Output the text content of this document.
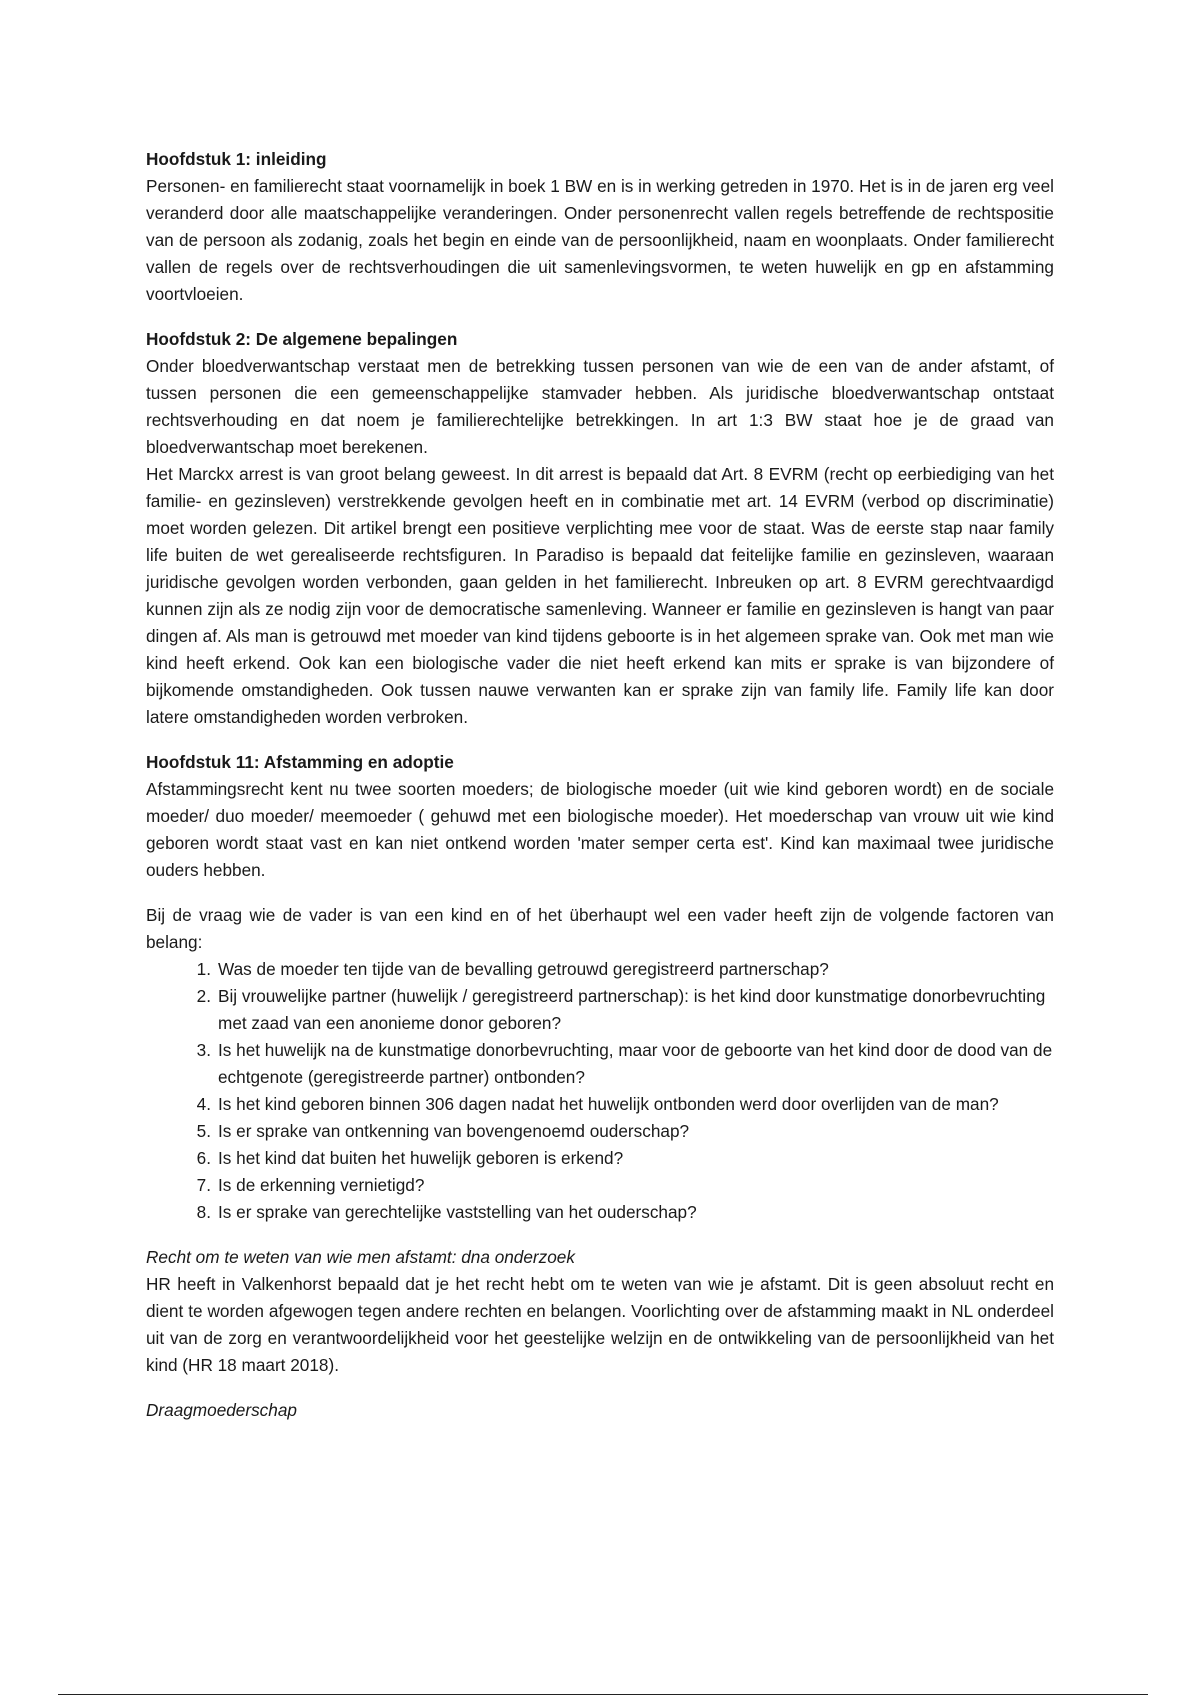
Hoofdstuk 1: inleiding

Personen- en familierecht staat voornamelijk in boek 1 BW en is in werking getreden in 1970. Het is in de jaren erg veel veranderd door alle maatschappelijke veranderingen. Onder personenrecht vallen regels betreffende de rechtspositie van de persoon als zodanig, zoals het begin en einde van de persoonlijkheid, naam en woonplaats. Onder familierecht vallen de regels over de rechtsverhoudingen die uit samenlevingsvormen, te weten huwelijk en gp en afstamming voortvloeien.

Hoofdstuk 2: De algemene bepalingen

Onder bloedverwantschap verstaat men de betrekking tussen personen van wie de een van de ander afstamt, of tussen personen die een gemeenschappelijke stamvader hebben. Als juridische bloedverwantschap ontstaat rechtsverhouding en dat noem je familierechtelijke betrekkingen. In art 1:3 BW staat hoe je de graad van bloedverwantschap moet berekenen.

Het Marckx arrest is van groot belang geweest. In dit arrest is bepaald dat Art. 8 EVRM (recht op eerbiediging van het familie- en gezinsleven) verstrekkende gevolgen heeft en in combinatie met art. 14 EVRM (verbod op discriminatie) moet worden gelezen. Dit artikel brengt een positieve verplichting mee voor de staat. Was de eerste stap naar family life buiten de wet gerealiseerde rechtsfiguren. In Paradiso is bepaald dat feitelijke familie en gezinsleven, waaraan juridische gevolgen worden verbonden, gaan gelden in het familierecht. Inbreuken op art. 8 EVRM gerechtvaardigd kunnen zijn als ze nodig zijn voor de democratische samenleving. Wanneer er familie en gezinsleven is hangt van paar dingen af. Als man is getrouwd met moeder van kind tijdens geboorte is in het algemeen sprake van. Ook met man wie kind heeft erkend. Ook kan een biologische vader die niet heeft erkend kan mits er sprake is van bijzondere of bijkomende omstandigheden. Ook tussen nauwe verwanten kan er sprake zijn van family life. Family life kan door latere omstandigheden worden verbroken.

Hoofdstuk 11: Afstamming en adoptie

Afstammingsrecht kent nu twee soorten moeders; de biologische moeder (uit wie kind geboren wordt) en de sociale moeder/ duo moeder/ meemoeder ( gehuwd met een biologische moeder). Het moederschap van vrouw uit wie kind geboren wordt staat vast en kan niet ontkend worden 'mater semper certa est'. Kind kan maximaal twee juridische ouders hebben.

Bij de vraag wie de vader is van een kind en of het überhaupt wel een vader heeft zijn de volgende factoren van belang:

1. Was de moeder ten tijde van de bevalling getrouwd geregistreerd partnerschap?
2. Bij vrouwelijke partner (huwelijk / geregistreerd partnerschap): is het kind door kunstmatige donorbevruchting met zaad van een anonieme donor geboren?
3. Is het huwelijk na de kunstmatige donorbevruchting, maar voor de geboorte van het kind door de dood van de echtgenote (geregistreerde partner) ontbonden?
4. Is het kind geboren binnen 306 dagen nadat het huwelijk ontbonden werd door overlijden van de man?
5. Is er sprake van ontkenning van bovengenoemd ouderschap?
6. Is het kind dat buiten het huwelijk geboren is erkend?
7. Is de erkenning vernietigd?
8. Is er sprake van gerechtelijke vaststelling van het ouderschap?

Recht om te weten van wie men afstamt: dna onderzoek

HR heeft in Valkenhorst bepaald dat je het recht hebt om te weten van wie je afstamt. Dit is geen absoluut recht en dient te worden afgewogen tegen andere rechten en belangen. Voorlichting over de afstamming maakt in NL onderdeel uit van de zorg en verantwoordelijkheid voor het geestelijke welzijn en de ontwikkeling van de persoonlijkheid van het kind (HR 18 maart 2018).

Draagmoederschap
